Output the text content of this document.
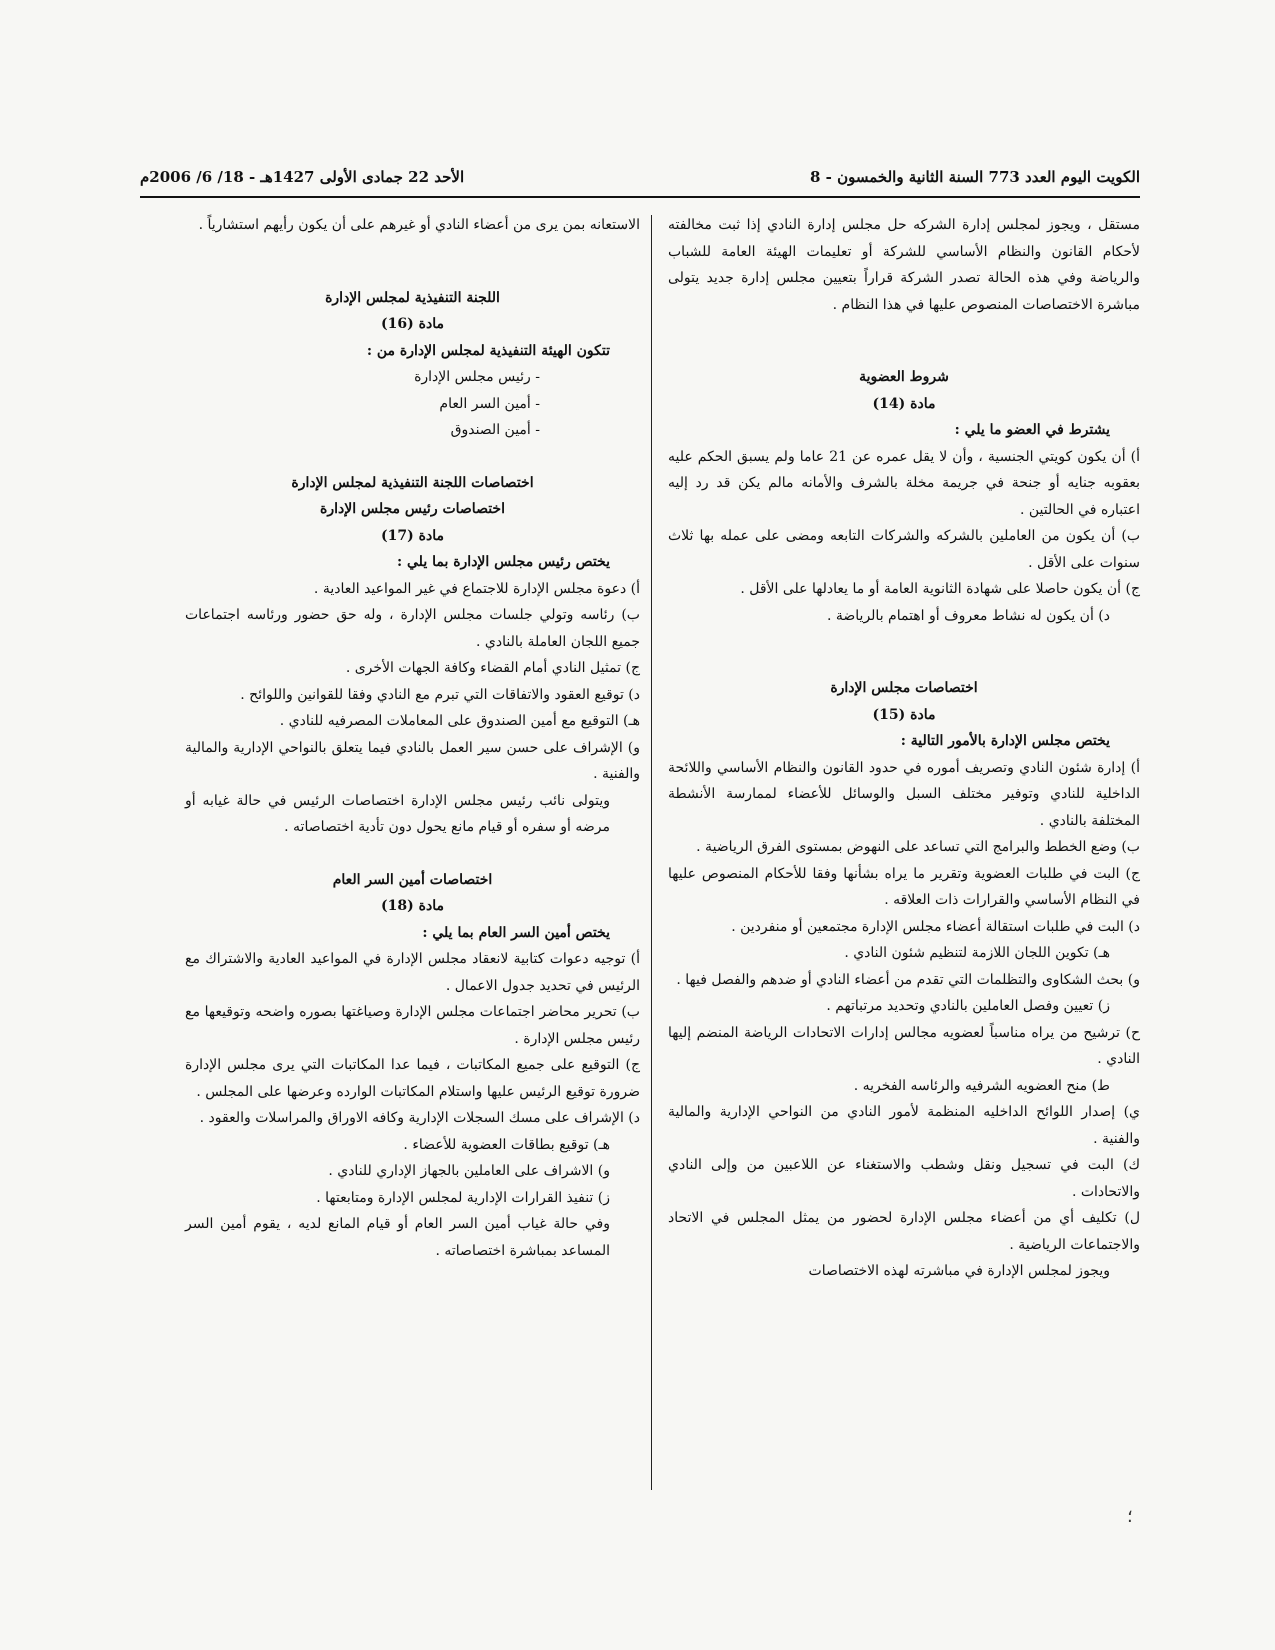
الكويت اليوم العدد 773 السنة الثانية والخمسون - 8
الأحد 22 جمادى الأولى 1427هـ - 18/ 6/ 2006م

مستقل ، ويجوز لمجلس إدارة الشركه حل مجلس إدارة النادي إذا ثبت مخالفته لأحكام القانون والنظام الأساسي للشركة أو تعليمات الهيئة العامة للشباب والرياضة وفي هذه الحالة تصدر الشركة قراراً بتعيين مجلس إدارة جديد يتولى مباشرة الاختصاصات المنصوص عليها في هذا النظام .

شروط العضوية

مادة (14)

يشترط في العضو ما يلي :

أ) أن يكون كويتي الجنسية ، وأن لا يقل عمره عن 21 عاما ولم يسبق الحكم عليه بعقوبه جنايه أو جنحة في جريمة مخلة بالشرف والأمانه مالم يكن قد رد إليه اعتباره في الحالتين .

ب) أن يكون من العاملين بالشركه والشركات التابعه ومضى على عمله بها ثلاث سنوات على الأقل .

ج) أن يكون حاصلا على شهادة الثانوية العامة أو ما يعادلها على الأقل .

د) أن يكون له نشاط معروف أو اهتمام بالرياضة .

اختصاصات مجلس الإدارة

مادة (15)

يختص مجلس الإدارة بالأمور التالية :

أ) إدارة شئون النادي وتصريف أموره في حدود القانون والنظام الأساسي واللائحة الداخلية للنادي وتوفير مختلف السبل والوسائل للأعضاء لممارسة الأنشطة المختلفة بالنادي .

ب) وضع الخطط والبرامج التي تساعد على النهوض بمستوى الفرق الرياضية .

ج) البت في طلبات العضوية وتقرير ما يراه بشأنها وفقا للأحكام المنصوص عليها في النظام الأساسي والقرارات ذات العلاقه .

د) البت في طلبات استقالة أعضاء مجلس الإدارة مجتمعين أو منفردين .

هـ) تكوين اللجان اللازمة لتنظيم شئون النادي .

و) بحث الشكاوى والتظلمات التي تقدم من أعضاء النادي أو ضدهم والفصل فيها .

ز) تعيين وفصل العاملين بالنادي وتحديد مرتباتهم .

ح) ترشيح من يراه مناسباً لعضويه مجالس إدارات الاتحادات الرياضة المنضم إليها النادي .

ط) منح العضويه الشرفيه والرئاسه الفخريه .

ي) إصدار اللوائح الداخليه المنظمة لأمور النادي من النواحي الإدارية والمالية والفنية .

ك) البت في تسجيل ونقل وشطب والاستغناء عن اللاعبين من وإلى النادي والاتحادات .

ل) تكليف أي من أعضاء مجلس الإدارة لحضور من يمثل المجلس في الاتحاد والاجتماعات الرياضية .

ويجوز لمجلس الإدارة في مباشرته لهذه الاختصاصات

الاستعانه بمن يرى من أعضاء النادي أو غيرهم على أن يكون رأيهم استشارياً .

اللجنة التنفيذية لمجلس الإدارة

مادة (16)

تتكون الهيئة التنفيذية لمجلس الإدارة من :

- رئيس مجلس الإدارة

- أمين السر العام

- أمين الصندوق

اختصاصات اللجنة التنفيذية لمجلس الإدارة

اختصاصات رئيس مجلس الإدارة

مادة (17)

يختص رئيس مجلس الإدارة بما يلي :

أ) دعوة مجلس الإدارة للاجتماع في غير المواعيد العادية .

ب) رئاسه وتولي جلسات مجلس الإدارة ، وله حق حضور ورئاسه اجتماعات جميع اللجان العاملة بالنادي .

ج) تمثيل النادي أمام القضاء وكافة الجهات الأخرى .

د) توقيع العقود والاتفاقات التي تبرم مع النادي وفقا للقوانين واللوائح .

هـ) التوقيع مع أمين الصندوق على المعاملات المصرفيه للنادي .

و) الإشراف على حسن سير العمل بالنادي فيما يتعلق بالنواحي الإدارية والمالية والفنية .

ويتولى نائب رئيس مجلس الإدارة اختصاصات الرئيس في حالة غيابه أو مرضه أو سفره أو قيام مانع يحول دون تأدية اختصاصاته .

اختصاصات أمين السر العام

مادة (18)

يختص أمين السر العام بما يلي :

أ) توجيه دعوات كتابية لانعقاد مجلس الإدارة في المواعيد العادية والاشتراك مع الرئيس في تحديد جدول الاعمال .

ب) تحرير محاضر اجتماعات مجلس الإدارة وصياغتها بصوره واضحه وتوقيعها مع رئيس مجلس الإدارة .

ج) التوقيع على جميع المكاتبات ، فيما عدا المكاتبات التي يرى مجلس الإدارة ضرورة توقيع الرئيس عليها واستلام المكاتبات الوارده وعرضها على المجلس .

د) الإشراف على مسك السجلات الإدارية وكافه الاوراق والمراسلات والعقود .

هـ) توقيع بطاقات العضوية للأعضاء .

و) الاشراف على العاملين بالجهاز الإداري للنادي .

ز) تنفيذ القرارات الإدارية لمجلس الإدارة ومتابعتها .

وفي حالة غياب أمين السر العام أو قيام المانع لديه ، يقوم أمين السر المساعد بمباشرة اختصاصاته .

؛
